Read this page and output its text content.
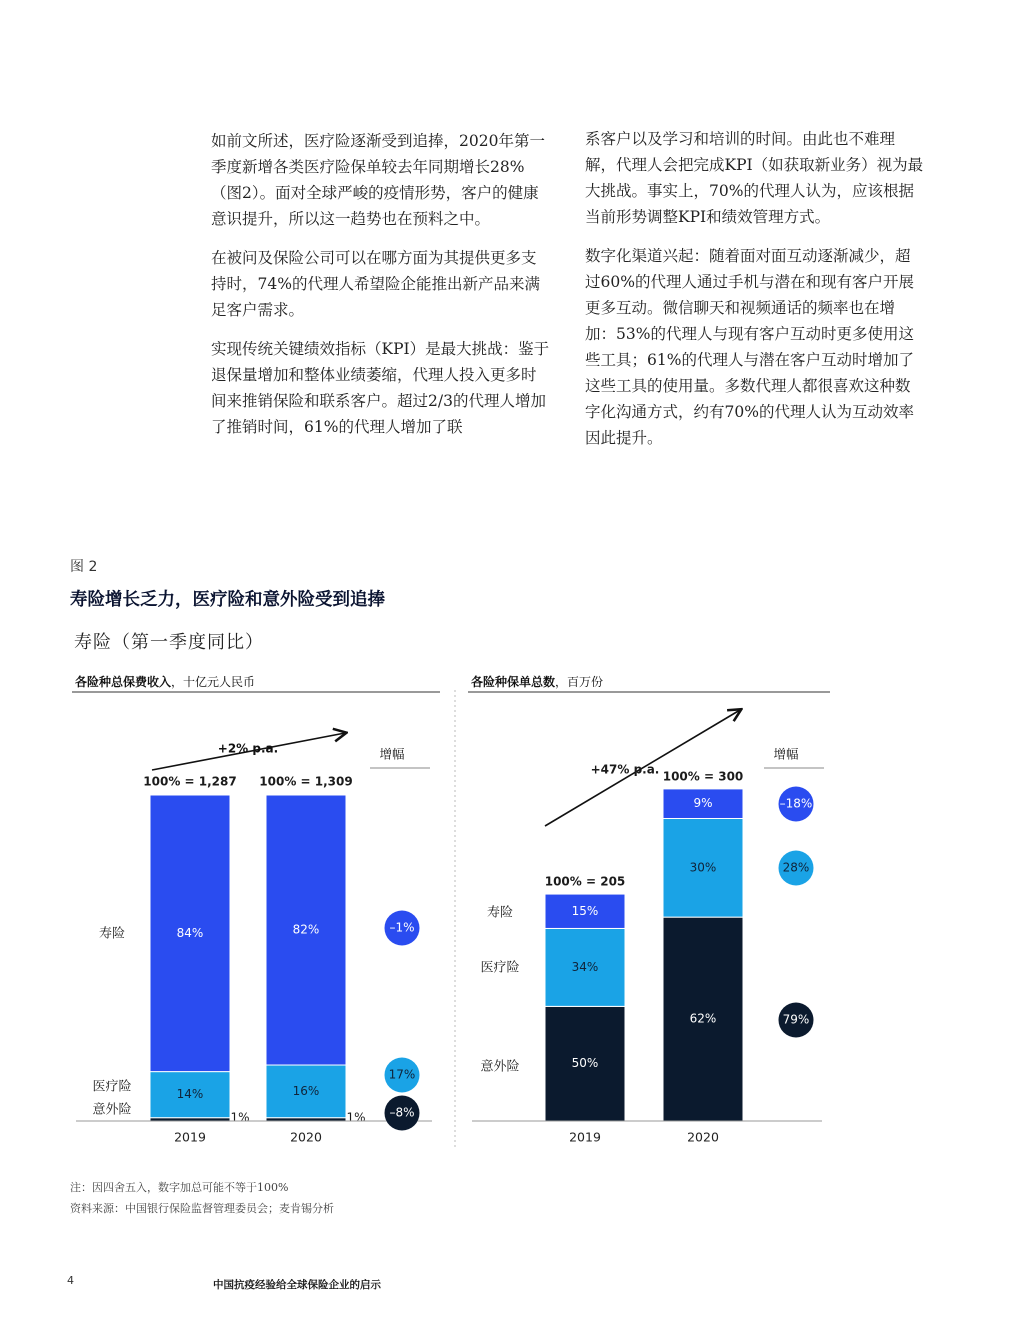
如前文所述，医疗险逐渐受到追捧，2020年第一季度新增各类医疗险保单较去年同期增长28%（图2）。面对全球严峻的疫情形势，客户的健康意识提升，所以这一趋势也在预料之中。

在被问及保险公司可以在哪方面为其提供更多支持时，74%的代理人希望险企能推出新产品来满足客户需求。

实现传统关键绩效指标（KPI）是最大挑战：鉴于退保量增加和整体业绩萎缩，代理人投入更多时间来推销保险和联系客户。超过2/3的代理人增加了推销时间，61%的代理人增加了联

系客户以及学习和培训的时间。由此也不难理解，代理人会把完成KPI（如获取新业务）视为最大挑战。事实上，70%的代理人认为，应该根据当前形势调整KPI和绩效管理方式。

数字化渠道兴起：随着面对面互动逐渐减少，超过60%的代理人通过手机与潜在和现有客户开展更多互动。微信聊天和视频通话的频率也在增加：53%的代理人与现有客户互动时更多使用这些工具；61%的代理人与潜在客户互动时增加了这些工具的使用量。多数代理人都很喜欢这种数字化沟通方式，约有70%的代理人认为互动效率因此提升。

图 2
寿险增长乏力，医疗险和意外险受到追捧
寿险（第一季度同比）
各险种总保费收入，十亿元人民币
+2% p.a.
1%
14%
84%
100% = 1,287
2019
1%
16%
82%
100% = 1,309
2020
意外险
医疗险
寿险
增幅
–8%
17%
–1%
各险种保单总数，百万份
+47% p.a.
50%
34%
15%
100% = 205
2019
62%
30%
9%
100% = 300
2020
意外险
医疗险
寿险
增幅
79%
28%
–18%
注：因四舍五入，数字加总可能不等于100%
资料来源：中国银行保险监督管理委员会；麦肯锡分析
4	中国抗疫经验给全球保险企业的启示
